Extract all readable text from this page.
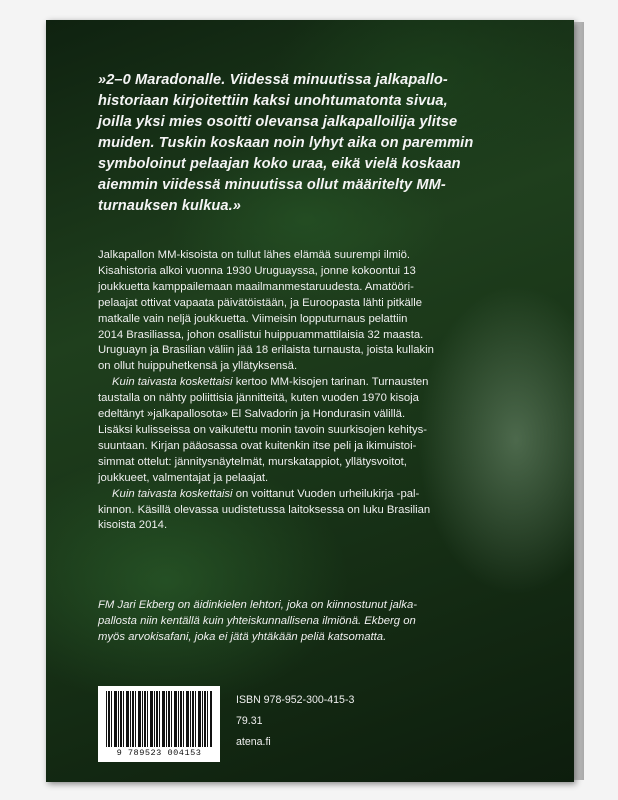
»2–0 Maradonalle. Viidessä minuutissa jalkapallo-
historiaan kirjoitettiin kaksi unohtumatonta sivua,
joilla yksi mies osoitti olevansa jalkapalloilija ylitse
muiden. Tuskin koskaan noin lyhyt aika on paremmin
symboloinut pelaajan koko uraa, eikä vielä koskaan
aiemmin viidessä minuutissa ollut määritelty MM-
turnauksen kulkua.»

Jalkapallon MM-kisoista on tullut lähes elämää suurempi ilmiö.
Kisahistoria alkoi vuonna 1930 Uruguayssa, jonne kokoontui 13
joukkuetta kamppailemaan maailmanmestaruudesta. Amatööri-
pelaajat ottivat vapaata päivätöistään, ja Euroopasta lähti pitkälle
matkalle vain neljä joukkuetta. Viimeisin lopputurnaus pelattiin
2014 Brasiliassa, johon osallistui huippuammattilaisia 32 maasta.
Uruguayn ja Brasilian väliin jää 18 erilaista turnausta, joista kullakin
on ollut huippuhetkensä ja yllätyksensä.

Kuin taivasta koskettaisi kertoo MM-kisojen tarinan. Turnausten
taustalla on nähty poliittisia jännitteitä, kuten vuoden 1970 kisoja
edeltänyt »jalkapallosota» El Salvadorin ja Hondurasin välillä.
Lisäksi kulisseissa on vaikutettu monin tavoin suurkisojen kehitys-
suuntaan. Kirjan pääosassa ovat kuitenkin itse peli ja ikimuistoi-
simmat ottelut: jännitysnäytelmät, murskatappiot, yllätysvoitot,
joukkueet, valmentajat ja pelaajat.

Kuin taivasta koskettaisi on voittanut Vuoden urheilukirja -pal-
kinnon. Käsillä olevassa uudistetussa laitoksessa on luku Brasilian
kisoista 2014.

FM Jari Ekberg on äidinkielen lehtori, joka on kiinnostunut jalka-
pallosta niin kentällä kuin yhteiskunnallisena ilmiönä. Ekberg on
myös arvokisafani, joka ei jätä yhtäkään peliä katsomatta.
9 789523 004153
ISBN 978-952-300-415-3
79.31
atena.fi
